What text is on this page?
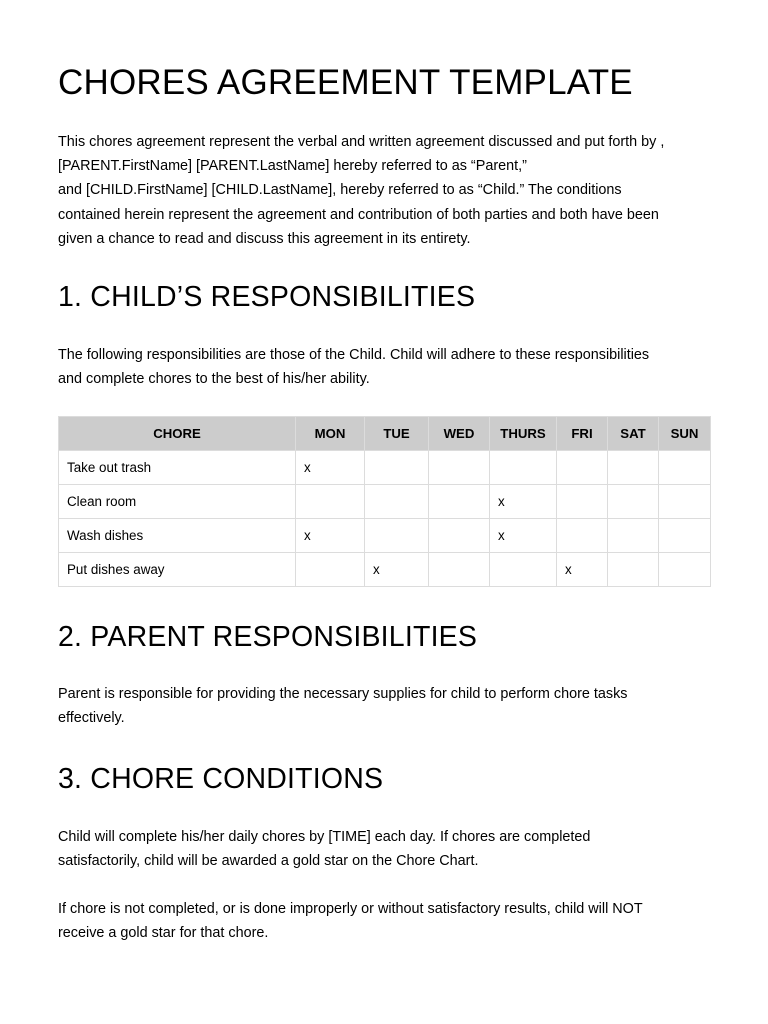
CHORES AGREEMENT TEMPLATE

This chores agreement represent the verbal and written agreement discussed and put forth by ,
[PARENT.FirstName] [PARENT.LastName] hereby referred to as “Parent,”
and [CHILD.FirstName] [CHILD.LastName], hereby referred to as “Child.” The conditions
contained herein represent the agreement and contribution of both parties and both have been
given a chance to read and discuss this agreement in its entirety.

1. CHILD’S RESPONSIBILITIES

The following responsibilities are those of the Child. Child will adhere to these responsibilities
and complete chores to the best of his/her ability.

CHORE	MON	TUE	WED	THURS	FRI	SAT	SUN
Take out trash	x						
Clean room				x			
Wash dishes	x			x			
Put dishes away		x			x		
2. PARENT RESPONSIBILITIES

Parent is responsible for providing the necessary supplies for child to perform chore tasks
effectively.

3. CHORE CONDITIONS

Child will complete his/her daily chores by [TIME] each day. If chores are completed
satisfactorily, child will be awarded a gold star on the Chore Chart.

If chore is not completed, or is done improperly or without satisfactory results, child will NOT
receive a gold star for that chore.
